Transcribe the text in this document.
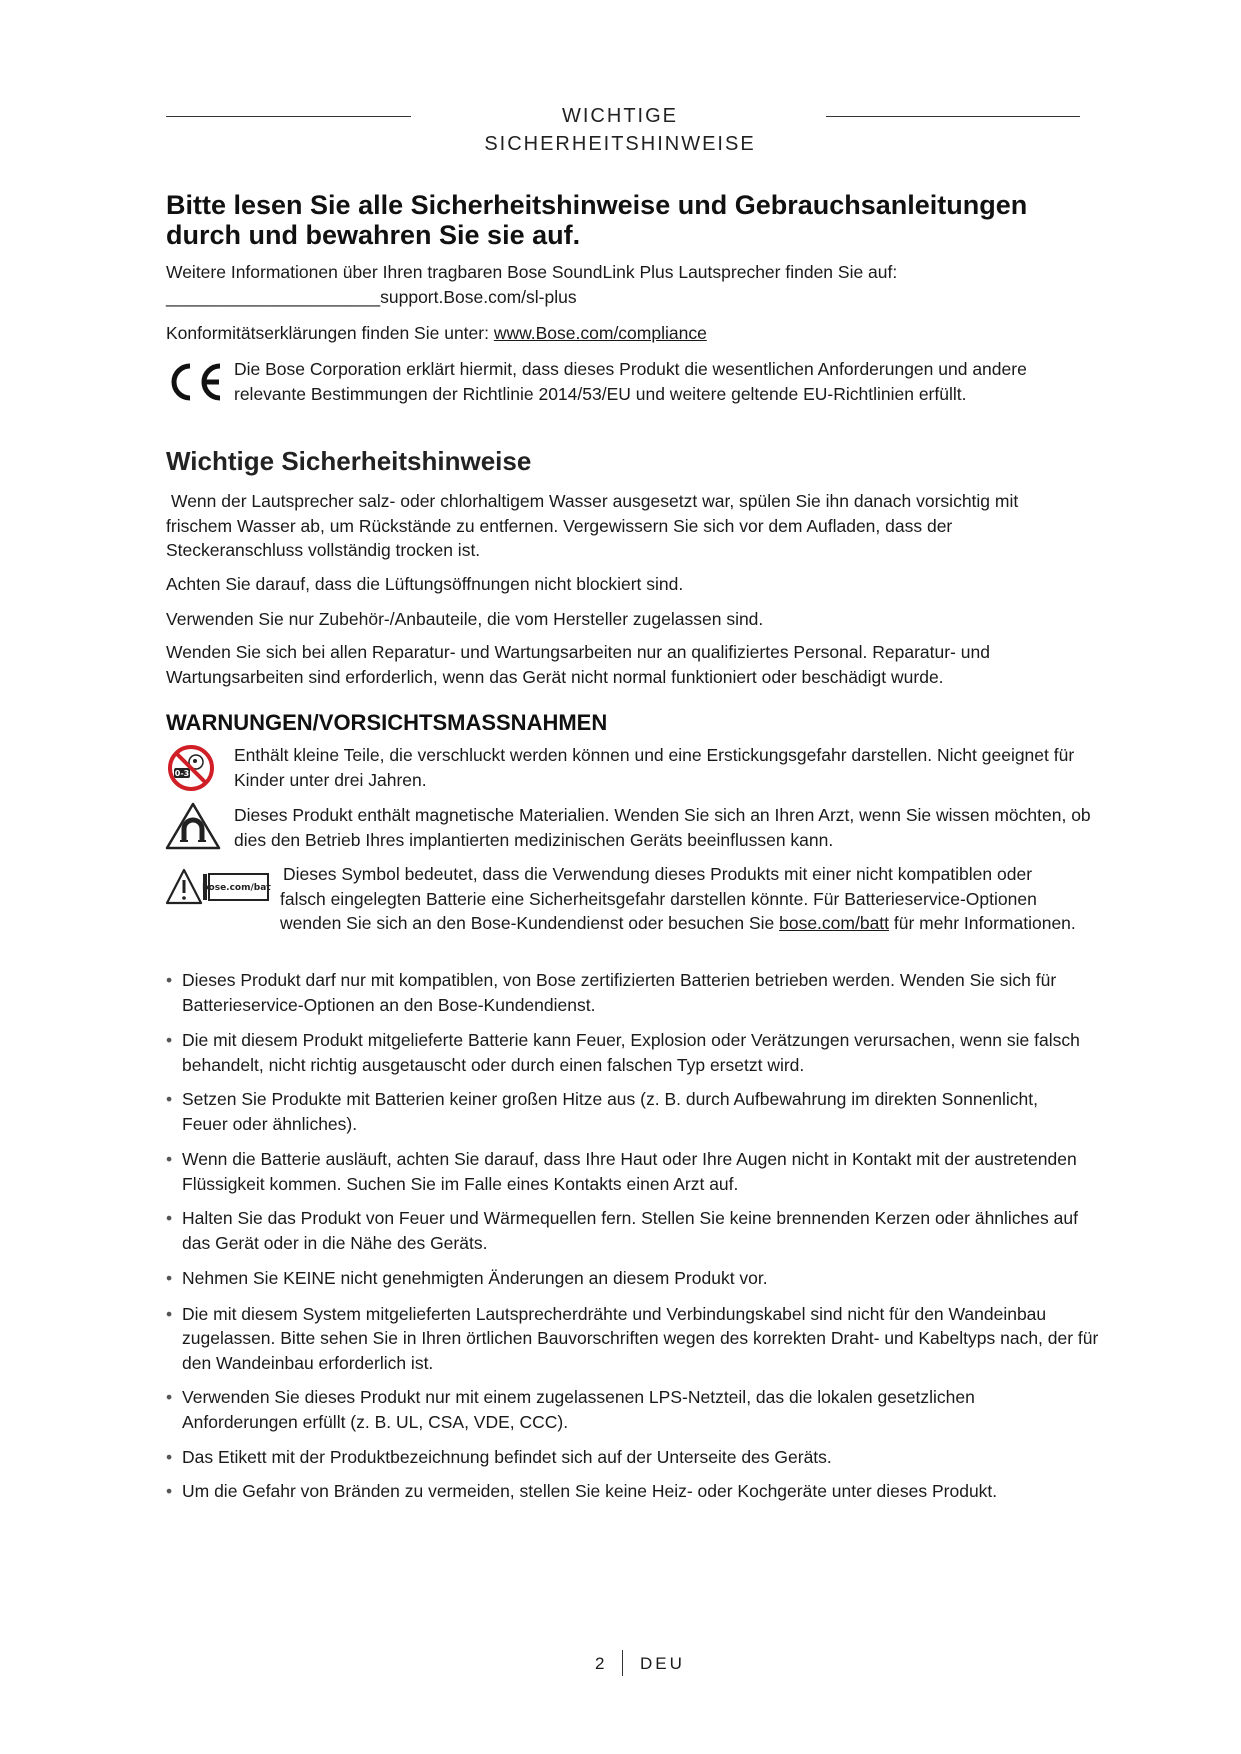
WICHTIGE SICHERHEITSHINWEISE
Bitte lesen Sie alle Sicherheitshinweise und Gebrauchsanleitungen durch und bewahren Sie sie auf.
Weitere Informationen über Ihren tragbaren Bose SoundLink Plus Lautsprecher finden Sie auf:
______________________support.Bose.com/sl-plus
Konformitätserklärungen finden Sie unter: www.Bose.com/compliance
Die Bose Corporation erklärt hiermit, dass dieses Produkt die wesentlichen Anforderungen und andere relevante Bestimmungen der Richtlinie 2014/53/EU und weitere geltende EU-Richtlinien erfüllt.
Wichtige Sicherheitshinweise
Wenn der Lautsprecher salz- oder chlorhaltigem Wasser ausgesetzt war, spülen Sie ihn danach vorsichtig mit frischem Wasser ab, um Rückstände zu entfernen. Vergewissern Sie sich vor dem Aufladen, dass der Steckeranschluss vollständig trocken ist.
Achten Sie darauf, dass die Lüftungsöffnungen nicht blockiert sind.
Verwenden Sie nur Zubehör-/Anbauteile, die vom Hersteller zugelassen sind.
Wenden Sie sich bei allen Reparatur- und Wartungsarbeiten nur an qualifiziertes Personal. Reparatur- und Wartungsarbeiten sind erforderlich, wenn das Gerät nicht normal funktioniert oder beschädigt wurde.
WARNUNGEN/VORSICHTSMASSNAHMEN
0-3
Enthält kleine Teile, die verschluckt werden können und eine Erstickungsgefahr darstellen. Nicht geeignet für Kinder unter drei Jahren.
Dieses Produkt enthält magnetische Materialien. Wenden Sie sich an Ihren Arzt, wenn Sie wissen möchten, ob dies den Betrieb Ihres implantierten medizinischen Geräts beeinflussen kann.
bose.com/batt
Dieses Symbol bedeutet, dass die Verwendung dieses Produkts mit einer nicht kompatiblen oder falsch eingelegten Batterie eine Sicherheitsgefahr darstellen könnte. Für Batterieservice-Optionen wenden Sie sich an den Bose-Kundendienst oder besuchen Sie bose.com/batt für mehr Informationen.
• Dieses Produkt darf nur mit kompatiblen, von Bose zertifizierten Batterien betrieben werden. Wenden Sie sich für Batterieservice-Optionen an den Bose-Kundendienst.
• Die mit diesem Produkt mitgelieferte Batterie kann Feuer, Explosion oder Verätzungen verursachen, wenn sie falsch behandelt, nicht richtig ausgetauscht oder durch einen falschen Typ ersetzt wird.
• Setzen Sie Produkte mit Batterien keiner großen Hitze aus (z. B. durch Aufbewahrung im direkten Sonnenlicht, Feuer oder ähnliches).
• Wenn die Batterie ausläuft, achten Sie darauf, dass Ihre Haut oder Ihre Augen nicht in Kontakt mit der austretenden Flüssigkeit kommen. Suchen Sie im Falle eines Kontakts einen Arzt auf.
• Halten Sie das Produkt von Feuer und Wärmequellen fern. Stellen Sie keine brennenden Kerzen oder ähnliches auf das Gerät oder in die Nähe des Geräts.
• Nehmen Sie KEINE nicht genehmigten Änderungen an diesem Produkt vor.
• Die mit diesem System mitgelieferten Lautsprecherdrähte und Verbindungskabel sind nicht für den Wandeinbau zugelassen. Bitte sehen Sie in Ihren örtlichen Bauvorschriften wegen des korrekten Draht- und Kabeltyps nach, der für den Wandeinbau erforderlich ist.
• Verwenden Sie dieses Produkt nur mit einem zugelassenen LPS-Netzteil, das die lokalen gesetzlichen Anforderungen erfüllt (z. B. UL, CSA, VDE, CCC).
• Das Etikett mit der Produktbezeichnung befindet sich auf der Unterseite des Geräts.
• Um die Gefahr von Bränden zu vermeiden, stellen Sie keine Heiz- oder Kochgeräte unter dieses Produkt.
2 DEU
